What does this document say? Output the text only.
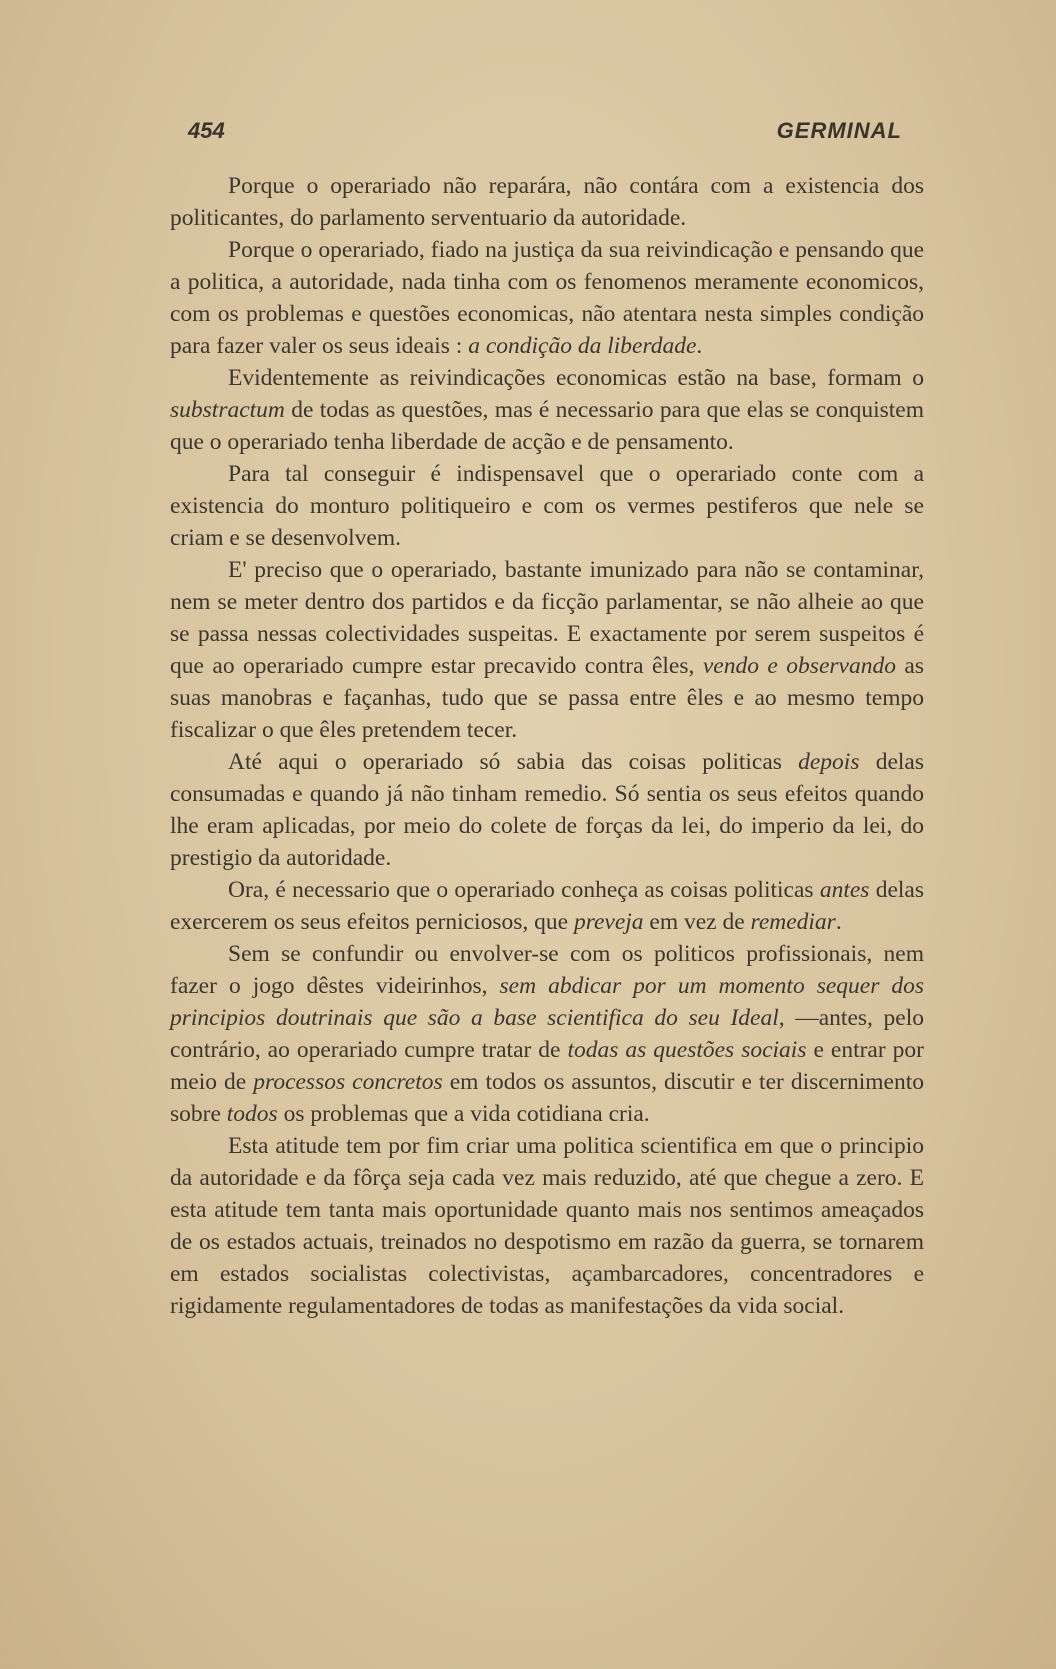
454	GERMINAL

Porque o operariado não reparára, não contára com a existencia dos politicantes, do parlamento serventuario da autoridade.

Porque o operariado, fiado na justiça da sua reivindicação e pensando que a politica, a autoridade, nada tinha com os fenomenos meramente economicos, com os problemas e questões economicas, não atentara nesta simples condição para fazer valer os seus ideais : a condição da liberdade.

Evidentemente as reivindicações economicas estão na base, formam o substractum de todas as questões, mas é necessario para que elas se conquistem que o operariado tenha liberdade de acção e de pensamento.

Para tal conseguir é indispensavel que o operariado conte com a existencia do monturo politiqueiro e com os vermes pestiferos que nele se criam e se desenvolvem.

E' preciso que o operariado, bastante imunizado para não se contaminar, nem se meter dentro dos partidos e da ficção parlamentar, se não alheie ao que se passa nessas colectividades suspeitas. E exactamente por serem suspeitos é que ao operariado cumpre estar precavido contra êles, vendo e observando as suas manobras e façanhas, tudo que se passa entre êles e ao mesmo tempo fiscalizar o que êles pretendem tecer.

Até aqui o operariado só sabia das coisas politicas depois delas consumadas e quando já não tinham remedio. Só sentia os seus efeitos quando lhe eram aplicadas, por meio do colete de forças da lei, do imperio da lei, do prestigio da autoridade.

Ora, é necessario que o operariado conheça as coisas politicas antes delas exercerem os seus efeitos perniciosos, que preveja em vez de remediar.

Sem se confundir ou envolver-se com os politicos profissionais, nem fazer o jogo dêstes videirinhos, sem abdicar por um momento sequer dos principios doutrinais que são a base scientifica do seu Ideal, —antes, pelo contrário, ao operariado cumpre tratar de todas as questões sociais e entrar por meio de processos concretos em todos os assuntos, discutir e ter discernimento sobre todos os problemas que a vida cotidiana cria.

Esta atitude tem por fim criar uma politica scientifica em que o principio da autoridade e da fôrça seja cada vez mais reduzido, até que chegue a zero. E esta atitude tem tanta mais oportunidade quanto mais nos sentimos ameaçados de os estados actuais, treinados no despotismo em razão da guerra, se tornarem em estados socialistas colectivistas, açambarcadores, concentradores e rigidamente regulamentadores de todas as manifestações da vida social.
